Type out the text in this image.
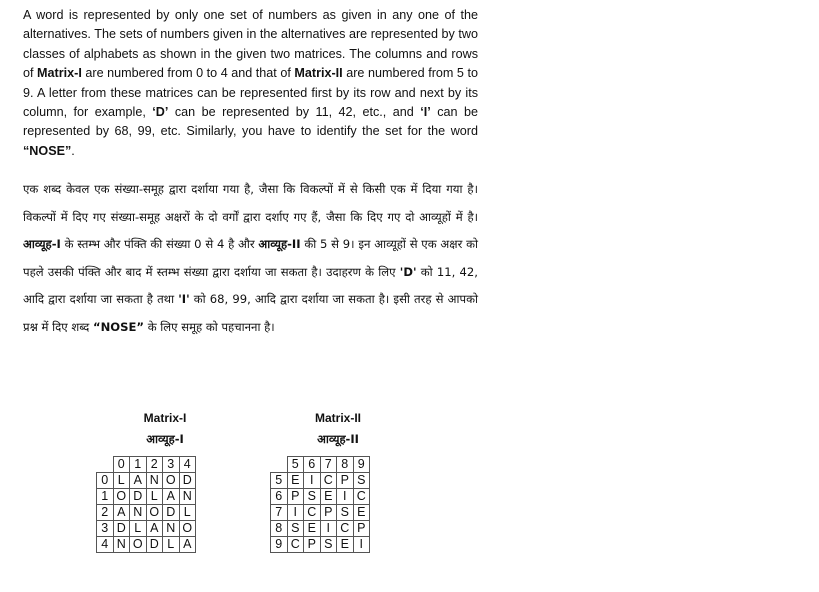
A word is represented by only one set of numbers as given in any one of the alternatives. The sets of numbers given in the alternatives are represented by two classes of alphabets as shown in the given two matrices. The columns and rows of Matrix-I are numbered from 0 to 4 and that of Matrix-II are numbered from 5 to 9. A letter from these matrices can be represented first by its row and next by its column, for example, ‘D’ can be represented by 11, 42, etc., and ‘I’ can be represented by 68, 99, etc. Similarly, you have to identify the set for the word “NOSE”.
एक शब्द केवल एक संख्या-समूह द्वारा दर्शाया गया है, जैसा कि विकल्पों में से किसी एक में दिया गया है। विकल्पों में दिए गए संख्या-समूह अक्षरों के दो वर्गों द्वारा दर्शाए गए हैं, जैसा कि दिए गए दो आव्यूहों में है। आव्यूह-I के स्तम्भ और पंक्ति की संख्या 0 से 4 है और आव्यूह-II की 5 से 9। इन आव्यूहों से एक अक्षर को पहले उसकी पंक्ति और बाद में स्तम्भ संख्या द्वारा दर्शाया जा सकता है। उदाहरण के लिए 'D' को 11, 42, आदि द्वारा दर्शाया जा सकता है तथा 'I' को 68, 99, आदि द्वारा दर्शाया जा सकता है। इसी तरह से आपको प्रश्न में दिए शब्द “NOSE” के लिए समूह को पहचानना है।
Matrix-I
आव्यूह-I
Matrix-II
आव्यूह-II
	0	1	2	3	4
0	L	A	N	O	D
1	O	D	L	A	N
2	A	N	O	D	L
3	D	L	A	N	O
4	N	O	D	L	A
	5	6	7	8	9
5	E	I	C	P	S
6	P	S	E	I	C
7	I	C	P	S	E
8	S	E	I	C	P
9	C	P	S	E	I
